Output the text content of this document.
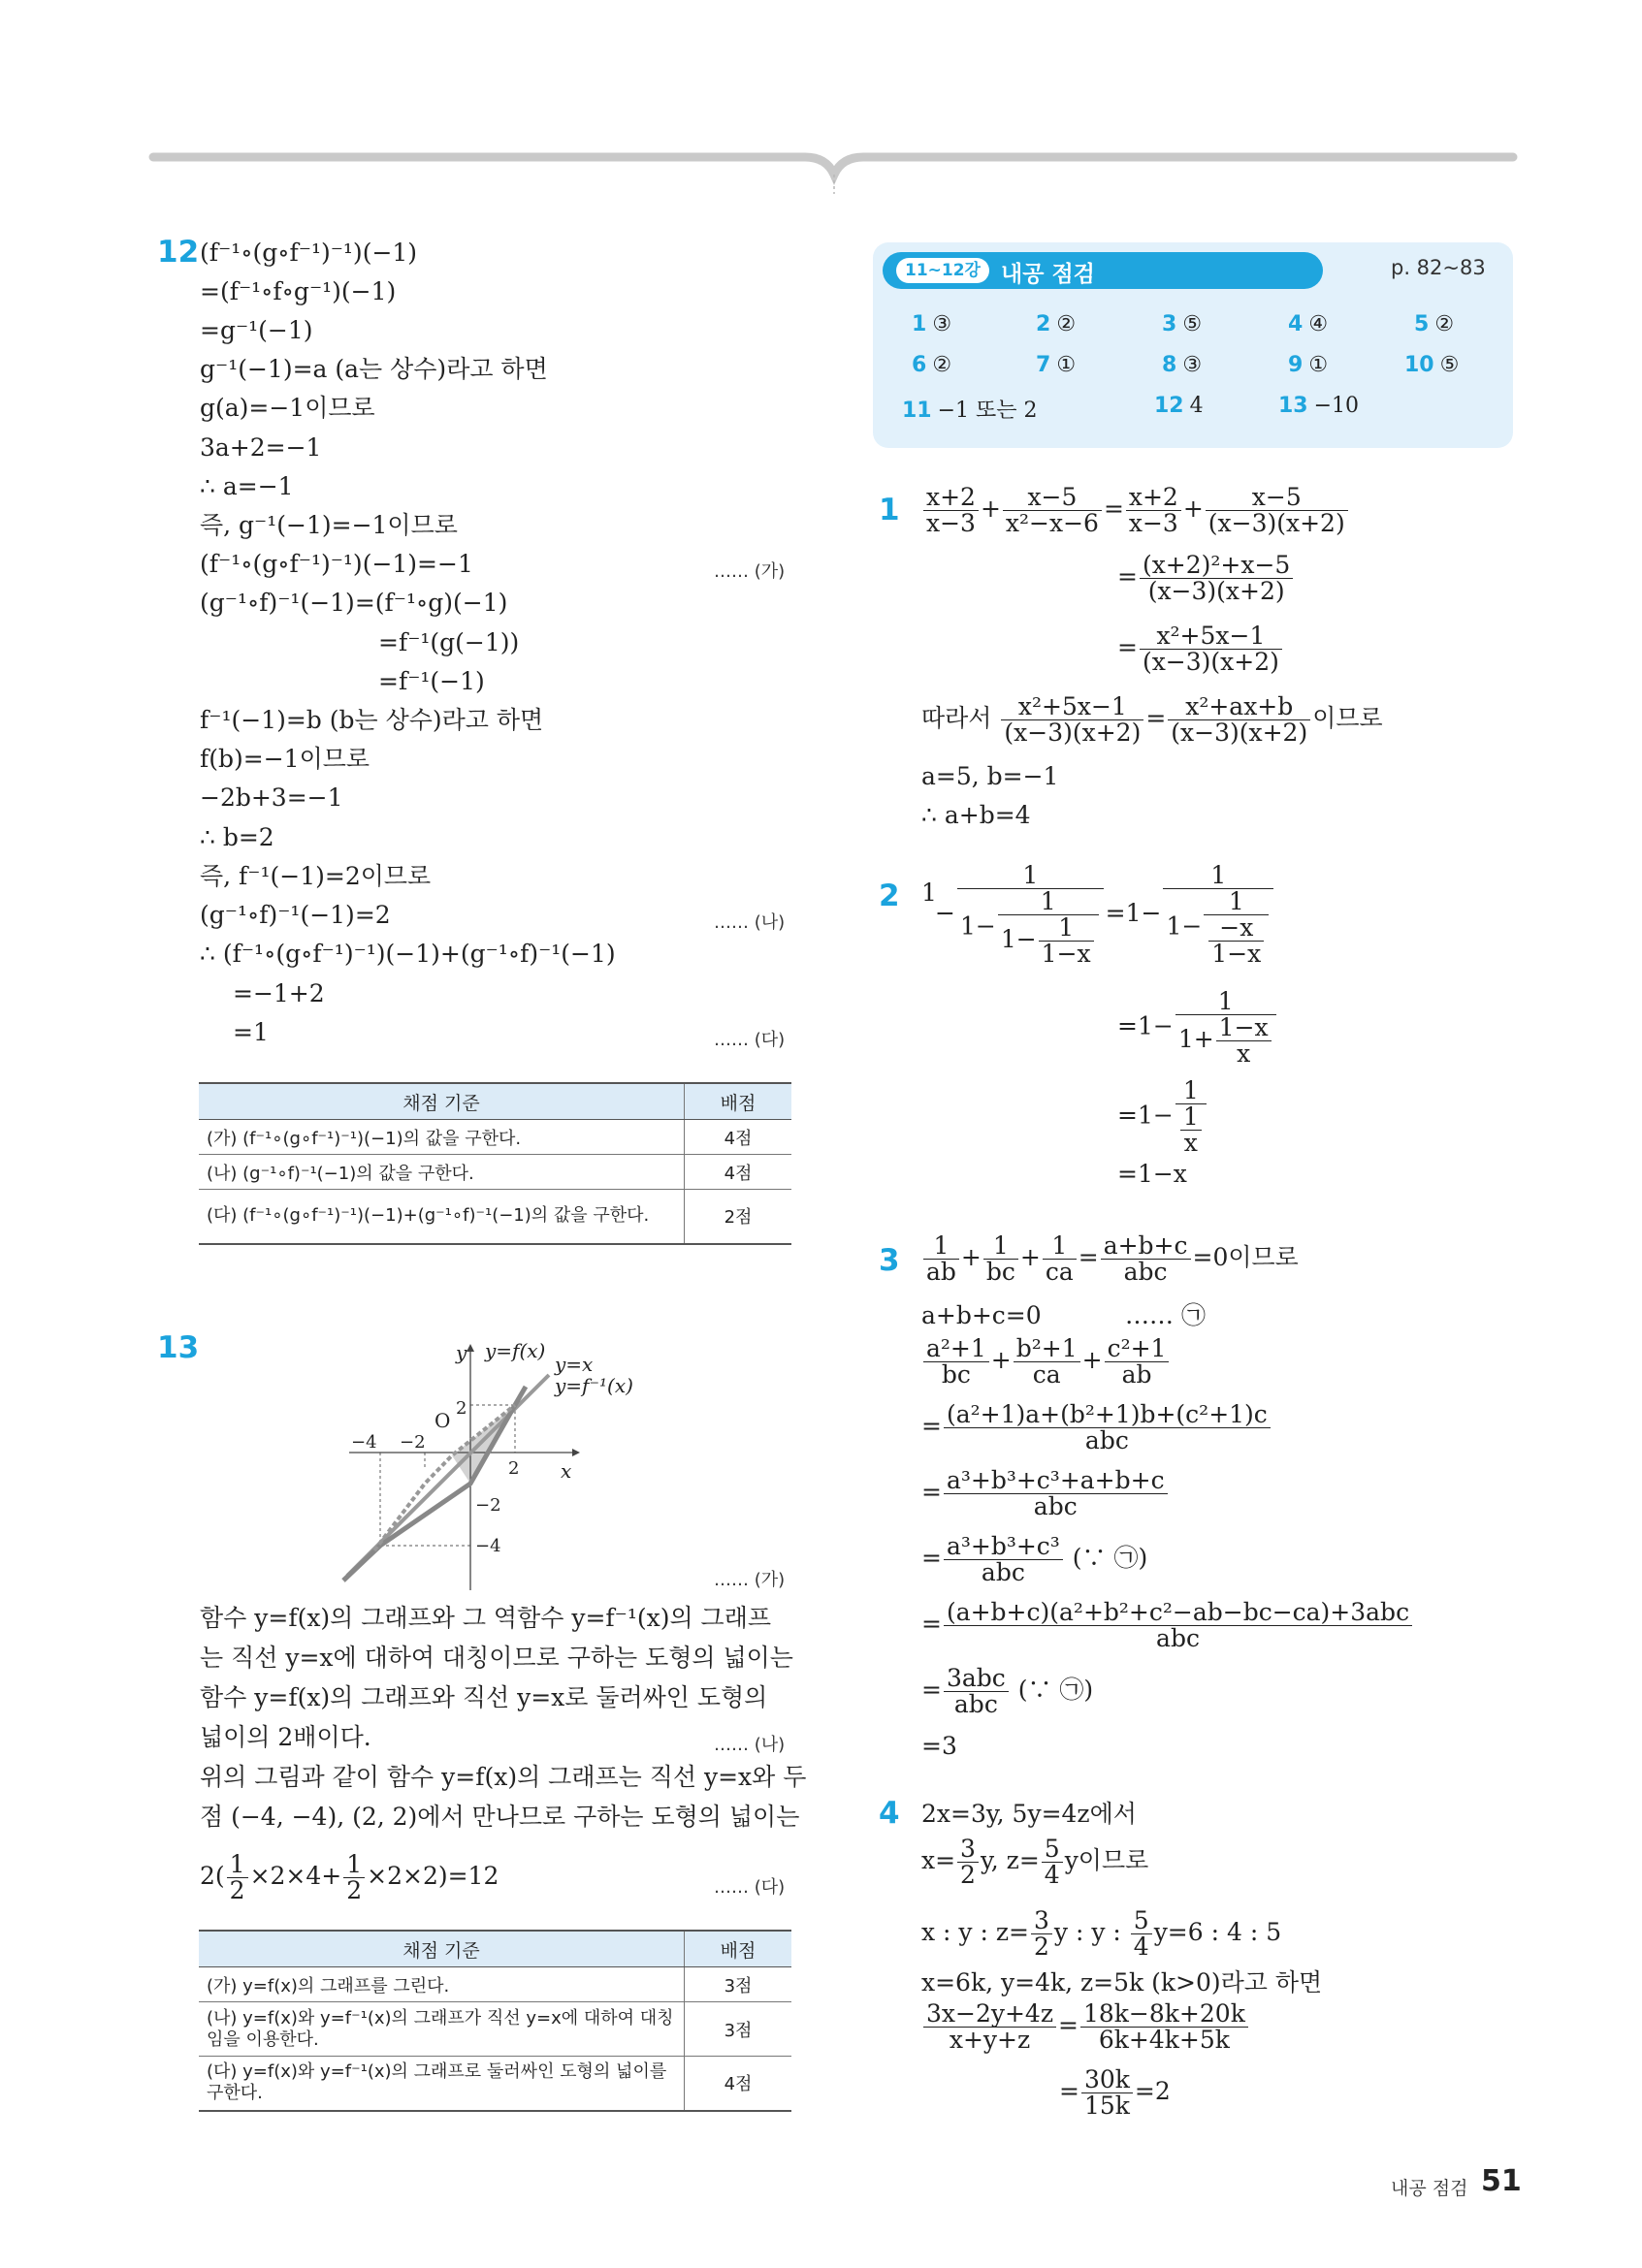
12 (f⁻¹∘(g∘f⁻¹)⁻¹)(−1)
=(f⁻¹∘f∘g⁻¹)(−1)
=g⁻¹(−1)
g⁻¹(−1)=a (a는 상수)라고 하면
g(a)=−1이므로
3a+2=−1
∴ a=−1
즉, g⁻¹(−1)=−1이므로
(f⁻¹∘(g∘f⁻¹)⁻¹)(−1)=−1	…… (가)
(g⁻¹∘f)⁻¹(−1)=(f⁻¹∘g)(−1)
=f⁻¹(g(−1))
=f⁻¹(−1)
f⁻¹(−1)=b (b는 상수)라고 하면
f(b)=−1이므로
−2b+3=−1
∴ b=2
즉, f⁻¹(−1)=2이므로
(g⁻¹∘f)⁻¹(−1)=2	…… (나)
∴ (f⁻¹∘(g∘f⁻¹)⁻¹)(−1)+(g⁻¹∘f)⁻¹(−1)
=−1+2
=1	…… (다)
채점 기준	배점
(가) (f⁻¹∘(g∘f⁻¹)⁻¹)(−1)의 값을 구한다.	4점
(나) (g⁻¹∘f)⁻¹(−1)의 값을 구한다.	4점
(다) (f⁻¹∘(g∘f⁻¹)⁻¹)(−1)+(g⁻¹∘f)⁻¹(−1)의 값을 구한다.	2점
13	y
x
O
y=f(x)
y=x
y=f⁻¹(x)
−4 −2
2
2
−2
−4
…… (가)
함수 y=f(x)의 그래프와 그 역함수 y=f⁻¹(x)의 그래프
는 직선 y=x에 대하여 대칭이므로 구하는 도형의 넓이는
함수 y=f(x)의 그래프와 직선 y=x로 둘러싸인 도형의
넓이의 2배이다.	…… (나)
위의 그림과 같이 함수 y=f(x)의 그래프는 직선 y=x와 두
점 (−4, −4), (2, 2)에서 만나므로 구하는 도형의 넓이는
$2( \frac{1}{2} \times 2\times 4+ \frac{1}{2} \times 2\times 2)=12$	…… (다)
채점 기준	배점
(가) y=f(x)의 그래프를 그린다.	3점
(나) y=f(x)와 y=f⁻¹(x)의 그래프가 직선 y=x에 대하여 대칭임을 이용한다.	3점
(다) y=f(x)와 y=f⁻¹(x)의 그래프로 둘러싸인 도형의 넓이를 구한다.	4점
11~12강 내공 점검	p. 82~83
1 ③	2 ②	3 ⑤	4 ④	5 ②
6 ②	7 ①	8 ③	9 ①	10 ⑤
11 −1 또는 2	12 4	13 −10
$1 \frac{x+2}{x-3} + \frac{x-5}{\text{x²−x−6}} = \frac{x+2}{x-3} + \frac{x-5}{(x-3)(x+2)}$
= $\frac{\text{(x+2)²+x−5}}{(x-3)(x+2)}$
= $\frac{\text{x²+5x−1}}{(x-3)(x+2)}$
따라서 $\frac{\text{x²+5x−1}}{(x-3)(x+2)} = \frac{\text{x²+ax+b}}{(x-3)(x+2)}$ 이므로
a=5, b=−1
∴ a+b=4
2 1
− $\frac{1}{1- \frac{1}{1- \frac{1}{1-x}}} =1- \frac{1}{1- \frac{1}{\frac{-x}{1-x}}}$
$=1- \frac{1}{1+ \frac{1-x}{x}}$
$=1- \frac{1}{\frac{1}{x}}$
=1−x
$3 \frac{1}{ab} + \frac{1}{bc} + \frac{1}{ca} = \frac{a+b+c}{\text{abc}} =0$이므로
a+b+c=0	…… ㉠
$\frac{\text{a²+1}}{bc} + \frac{\text{b²+1}}{ca} + \frac{\text{c²+1}}{ab}$
= $\frac{\text{(a²+1)a+(b²+1)b+(c²+1)c}}{\text{abc}}$
= $\frac{\text{a³+b³+c³+a+b+c}}{\text{abc}}$
= $\frac{\text{a³+b³+c³}}{\text{abc}}$ (∵ ㉠)
= $\frac{\text{(a+b+c)(a²+b²+c²−ab−bc−ca)+3abc}}{\text{abc}}$
= $\frac{\text{3abc}}{\text{abc}}$ (∵ ㉠)
=3
4 2x=3y, 5y=4z에서
$x= \frac{3}{2} y$, $z= \frac{5}{4}$ y이므로
x : y : $z= \frac{3}{2}$ y : y : $\frac{5}{4} y=6$ : 4 : 5
x=6k, y=4k, z=5k (k>0)라고 하면
$\frac{3x-2y+4z}{x+y+z} = \frac{18k-8k+20k}{6k+4k+5k}$
= $\frac{30k}{15k} =2$
내공 점검 51
